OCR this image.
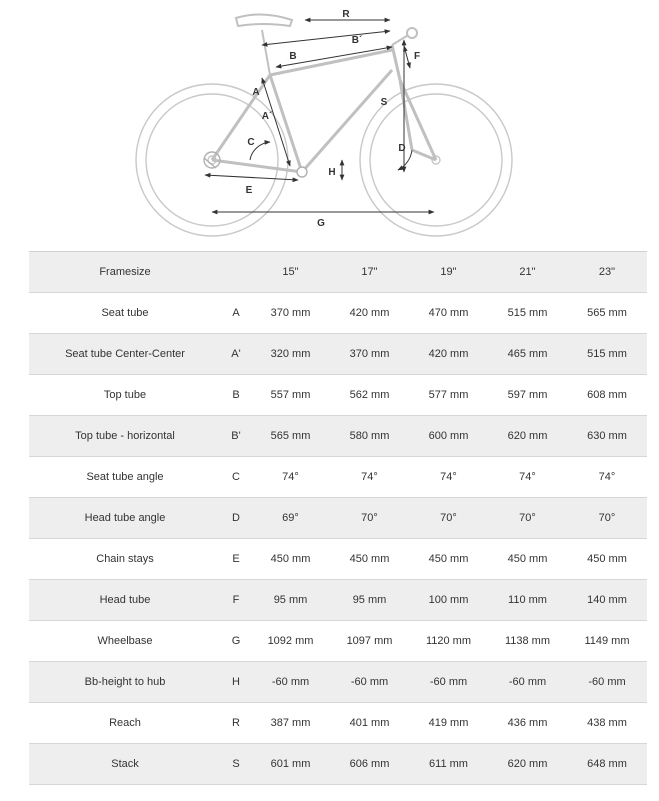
R
B´
B	F
A
A´
S
C
D
H
E
G
Framesize		15"	17"	19"	21"	23"
Seat tube	A	370 mm	420 mm	470 mm	515 mm	565 mm
Seat tube Center-Center	A'	320 mm	370 mm	420 mm	465 mm	515 mm
Top tube	B	557 mm	562 mm	577 mm	597 mm	608 mm
Top tube - horizontal	B'	565 mm	580 mm	600 mm	620 mm	630 mm
Seat tube angle	C	74°	74°	74°	74°	74°
Head tube angle	D	69°	70°	70°	70°	70°
Chain stays	E	450 mm	450 mm	450 mm	450 mm	450 mm
Head tube	F	95 mm	95 mm	100 mm	110 mm	140 mm
Wheelbase	G	1092 mm	1097 mm	1120 mm	1138 mm	1149 mm
Bb-height to hub	H	-60 mm	-60 mm	-60 mm	-60 mm	-60 mm
Reach	R	387 mm	401 mm	419 mm	436 mm	438 mm
Stack	S	601 mm	606 mm	611 mm	620 mm	648 mm
